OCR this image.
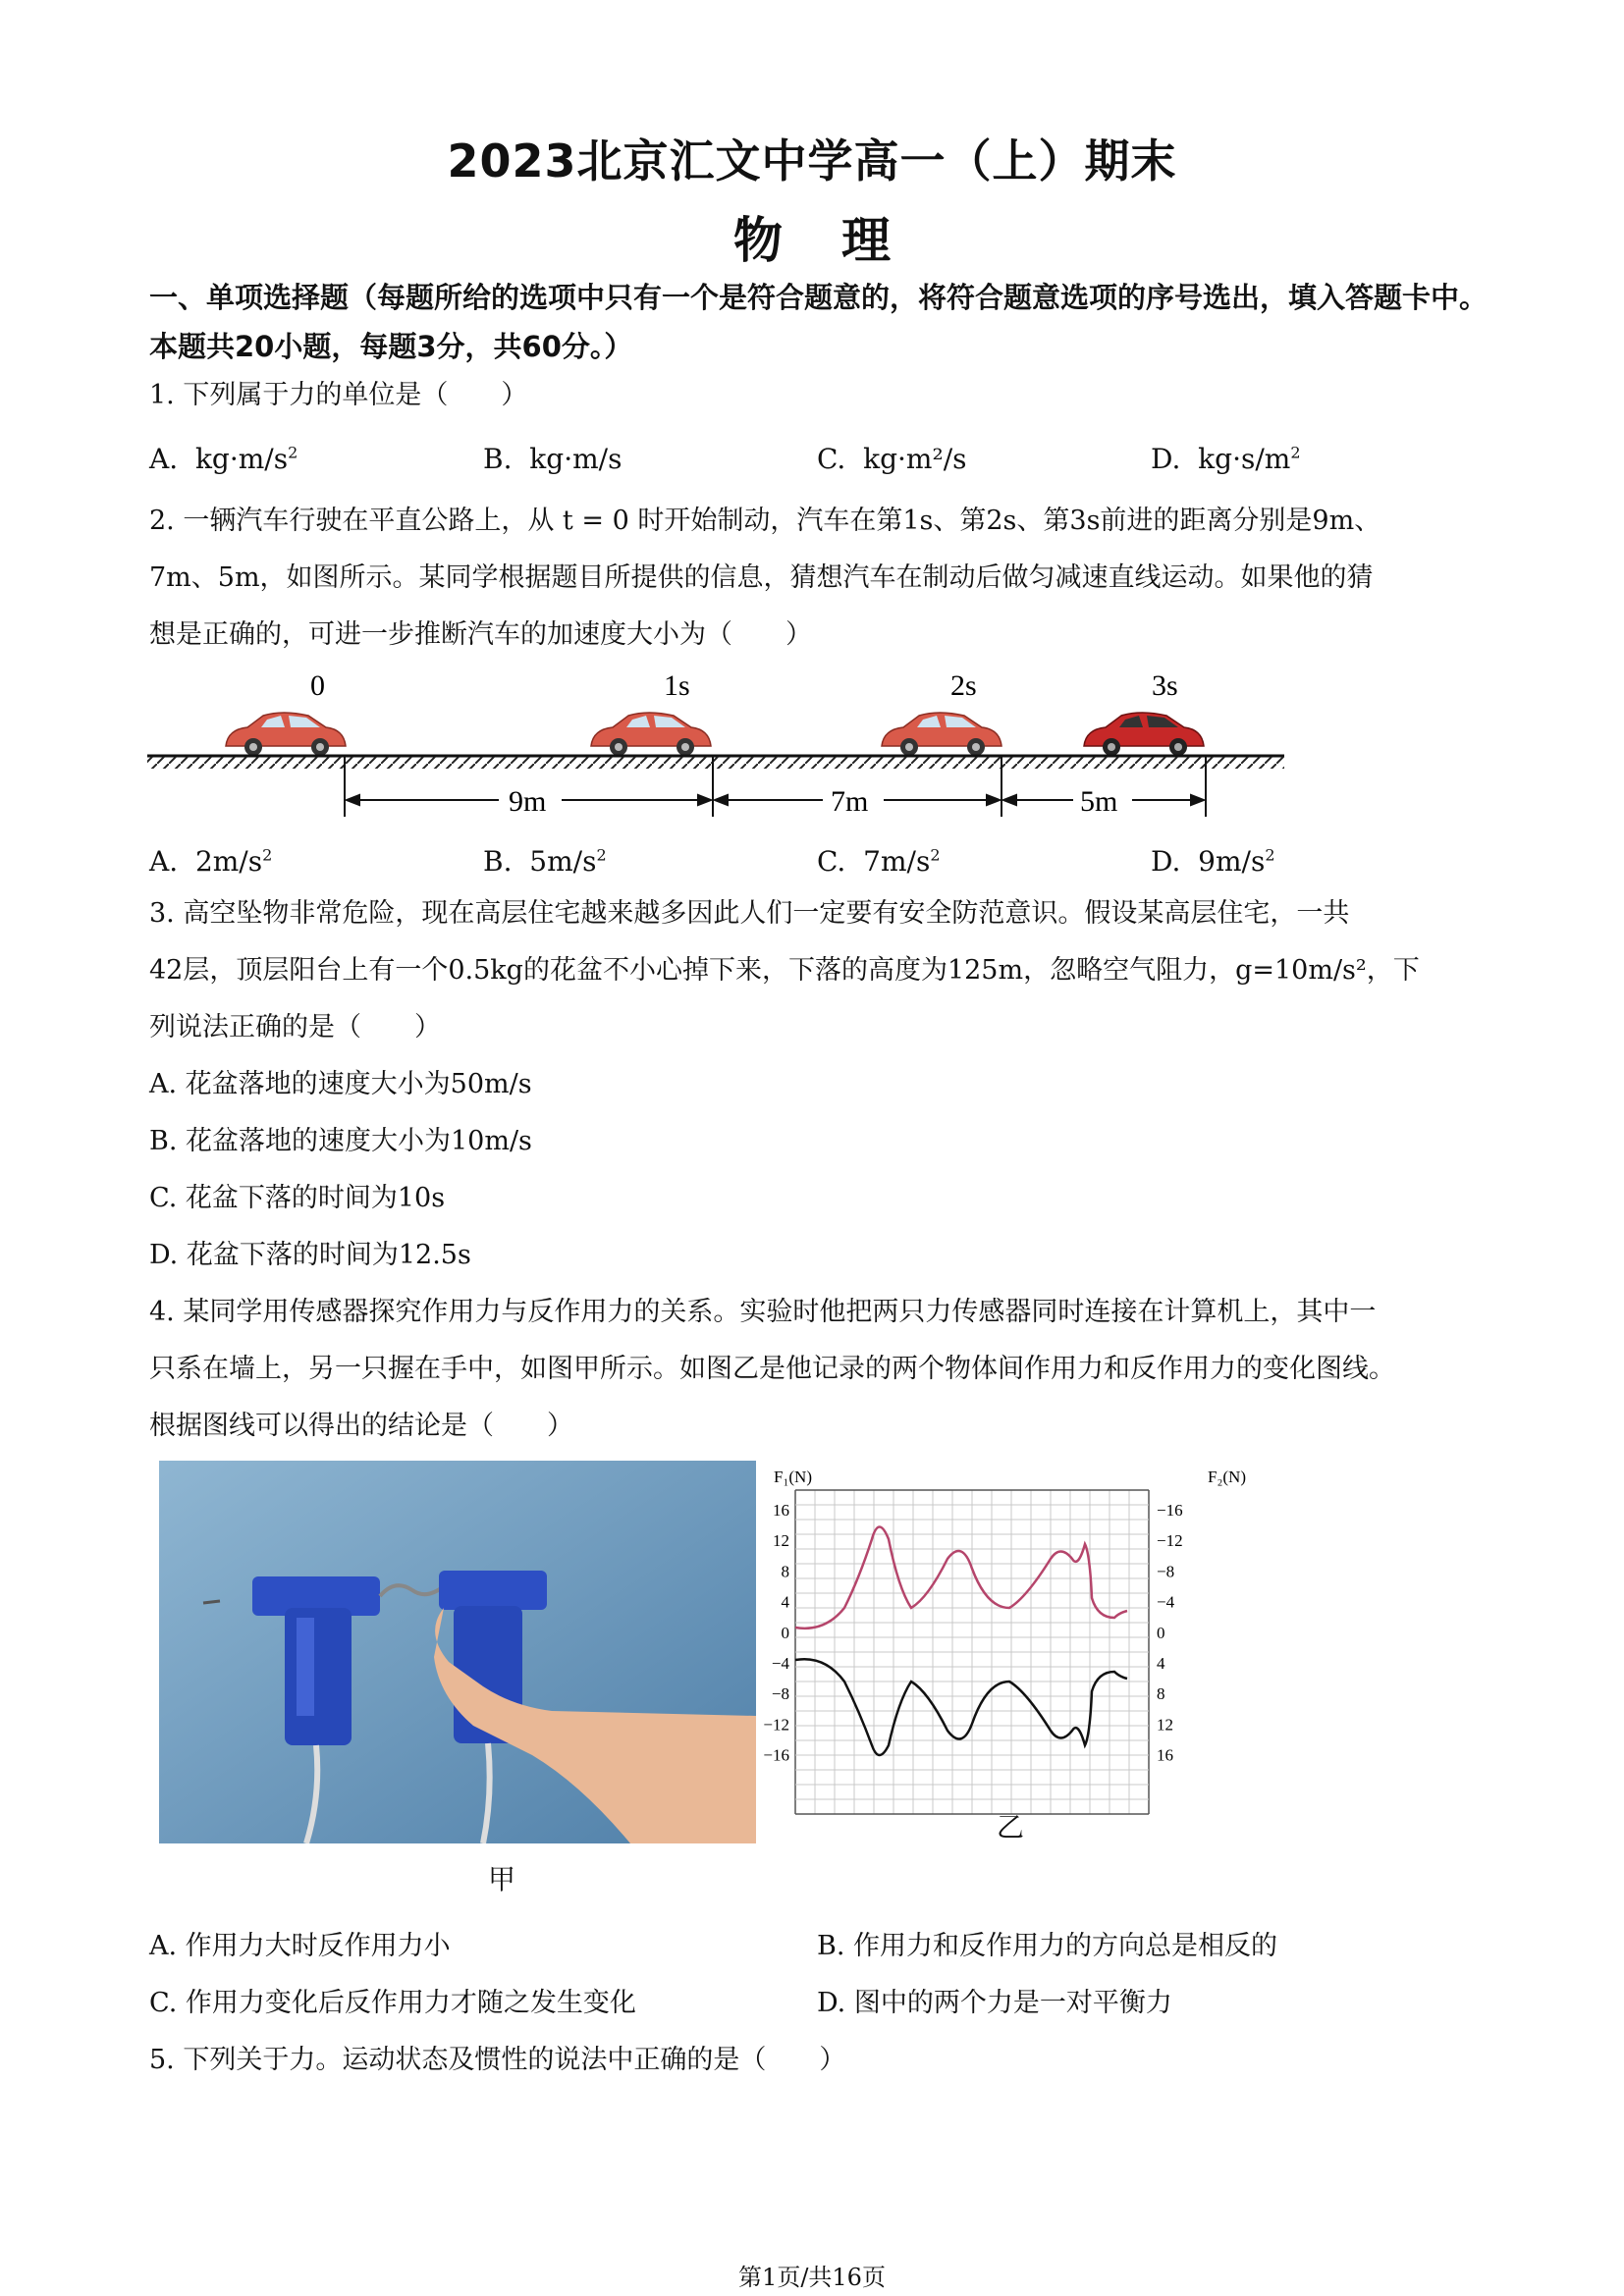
2023北京汇文中学高一（上）期末
物理
一、单项选择题（每题所给的选项中只有一个是符合题意的，将符合题意选项的序号选出，填入答题卡中。本题共20小题，每题3分，共60分。）
1. 下列属于力的单位是（　　）
A. $kg\cdot m/s^2$	B. kg·m/s	C. kg·m²/s	D. $kg\cdot s/m^2$
2. 一辆汽车行驶在平直公路上，从 t = 0 时开始制动，汽车在第1s、第2s、第3s前进的距离分别是9m、
7m、5m，如图所示。某同学根据题目所提供的信息，猜想汽车在制动后做匀减速直线运动。如果他的猜
想是正确的，可进一步推断汽车的加速度大小为（　　）
0	1s	2s	3s
9m	7m	5m
A. $2m/s^2$	B. $5m/s^2$	C. $7m/s^2$	D. $9m/s^2$
3. 高空坠物非常危险，现在高层住宅越来越多因此人们一定要有安全防范意识。假设某高层住宅，一共
42层，顶层阳台上有一个0.5kg的花盆不小心掉下来，下落的高度为125m，忽略空气阻力，g=10m/s²，下
列说法正确的是（　　）
A. 花盆落地的速度大小为50m/s
B. 花盆落地的速度大小为10m/s
C. 花盆下落的时间为10s
D. 花盆下落的时间为12.5s
4. 某同学用传感器探究作用力与反作用力的关系。实验时他把两只力传感器同时连接在计算机上，其中一
只系在墙上，另一只握在手中，如图甲所示。如图乙是他记录的两个物体间作用力和反作用力的变化图线。
根据图线可以得出的结论是（　　）
甲
F₁(N)	F₂(N)
16
12
8
4
0
−4
−8
−12
−16
−16
−12
−8
−4
0
4
8
12
16
乙
A. 作用力大时反作用力小	B. 作用力和反作用力的方向总是相反的
C. 作用力变化后反作用力才随之发生变化	D. 图中的两个力是一对平衡力
5. 下列关于力。运动状态及惯性的说法中正确的是（　　）
第1页/共16页
